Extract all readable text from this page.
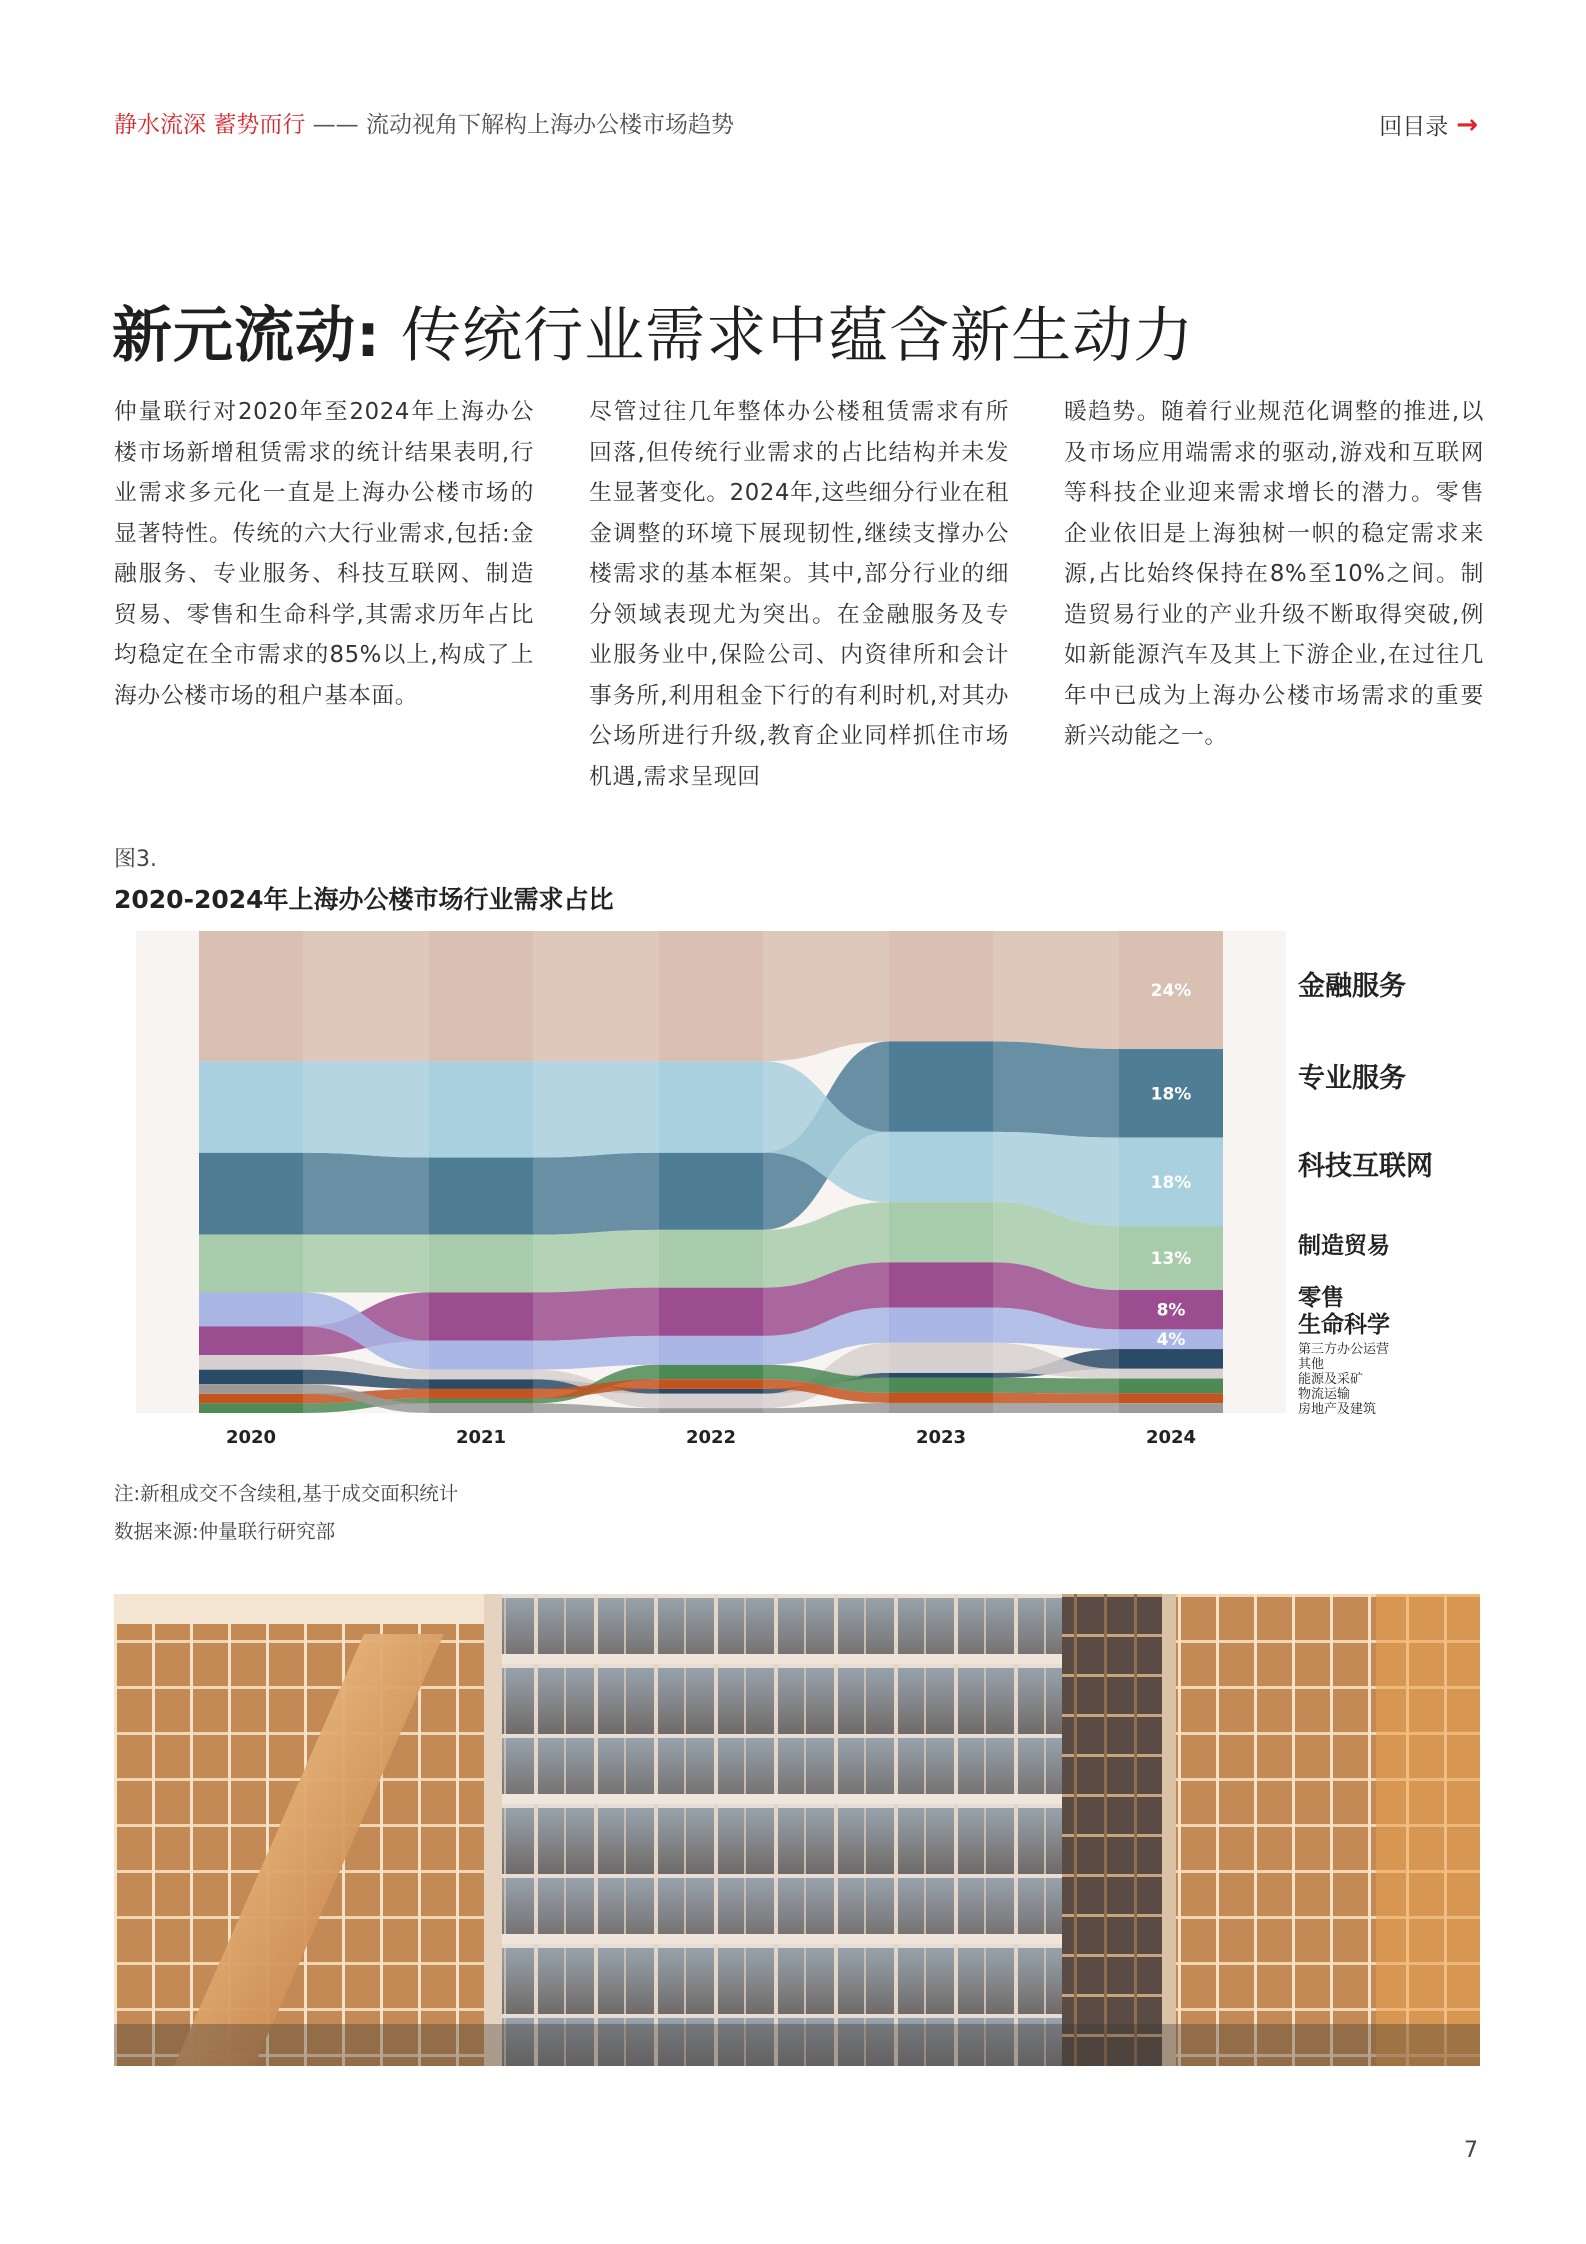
静水流深 蓄势而行 —— 流动视角下解构上海办公楼市场趋势	回目录 →
新元流动: 传统行业需求中蕴含新生动力
仲量联行对2020年至2024年上海办公楼市场新增租赁需求的统计结果表明,行业需求多元化一直是上海办公楼市场的显著特性。传统的六大行业需求,包括:金融服务、专业服务、科技互联网、制造贸易、零售和生命科学,其需求历年占比均稳定在全市需求的85%以上,构成了上海办公楼市场的租户基本面。
尽管过往几年整体办公楼租赁需求有所回落,但传统行业需求的占比结构并未发生显著变化。2024年,这些细分行业在租金调整的环境下展现韧性,继续支撑办公楼需求的基本框架。其中,部分行业的细分领域表现尤为突出。在金融服务及专业服务业中,保险公司、内资律所和会计事务所,利用租金下行的有利时机,对其办公场所进行升级,教育企业同样抓住市场机遇,需求呈现回
暖趋势。随着行业规范化调整的推进,以及市场应用端需求的驱动,游戏和互联网等科技企业迎来需求增长的潜力。零售企业依旧是上海独树一帜的稳定需求来源,占比始终保持在8%至10%之间。制造贸易行业的产业升级不断取得突破,例如新能源汽车及其上下游企业,在过往几年中已成为上海办公楼市场需求的重要新兴动能之一。
图3.
2020-2024年上海办公楼市场行业需求占比
2020	2021	2022	2023	2024
24%
18%
18%
13%
8%
4%
金融服务
专业服务
科技互联网
制造贸易
零售
生命科学
第三方办公运营
其他
能源及采矿
物流运输
房地产及建筑
注:新租成交不含续租,基于成交面积统计
数据来源:仲量联行研究部
7
